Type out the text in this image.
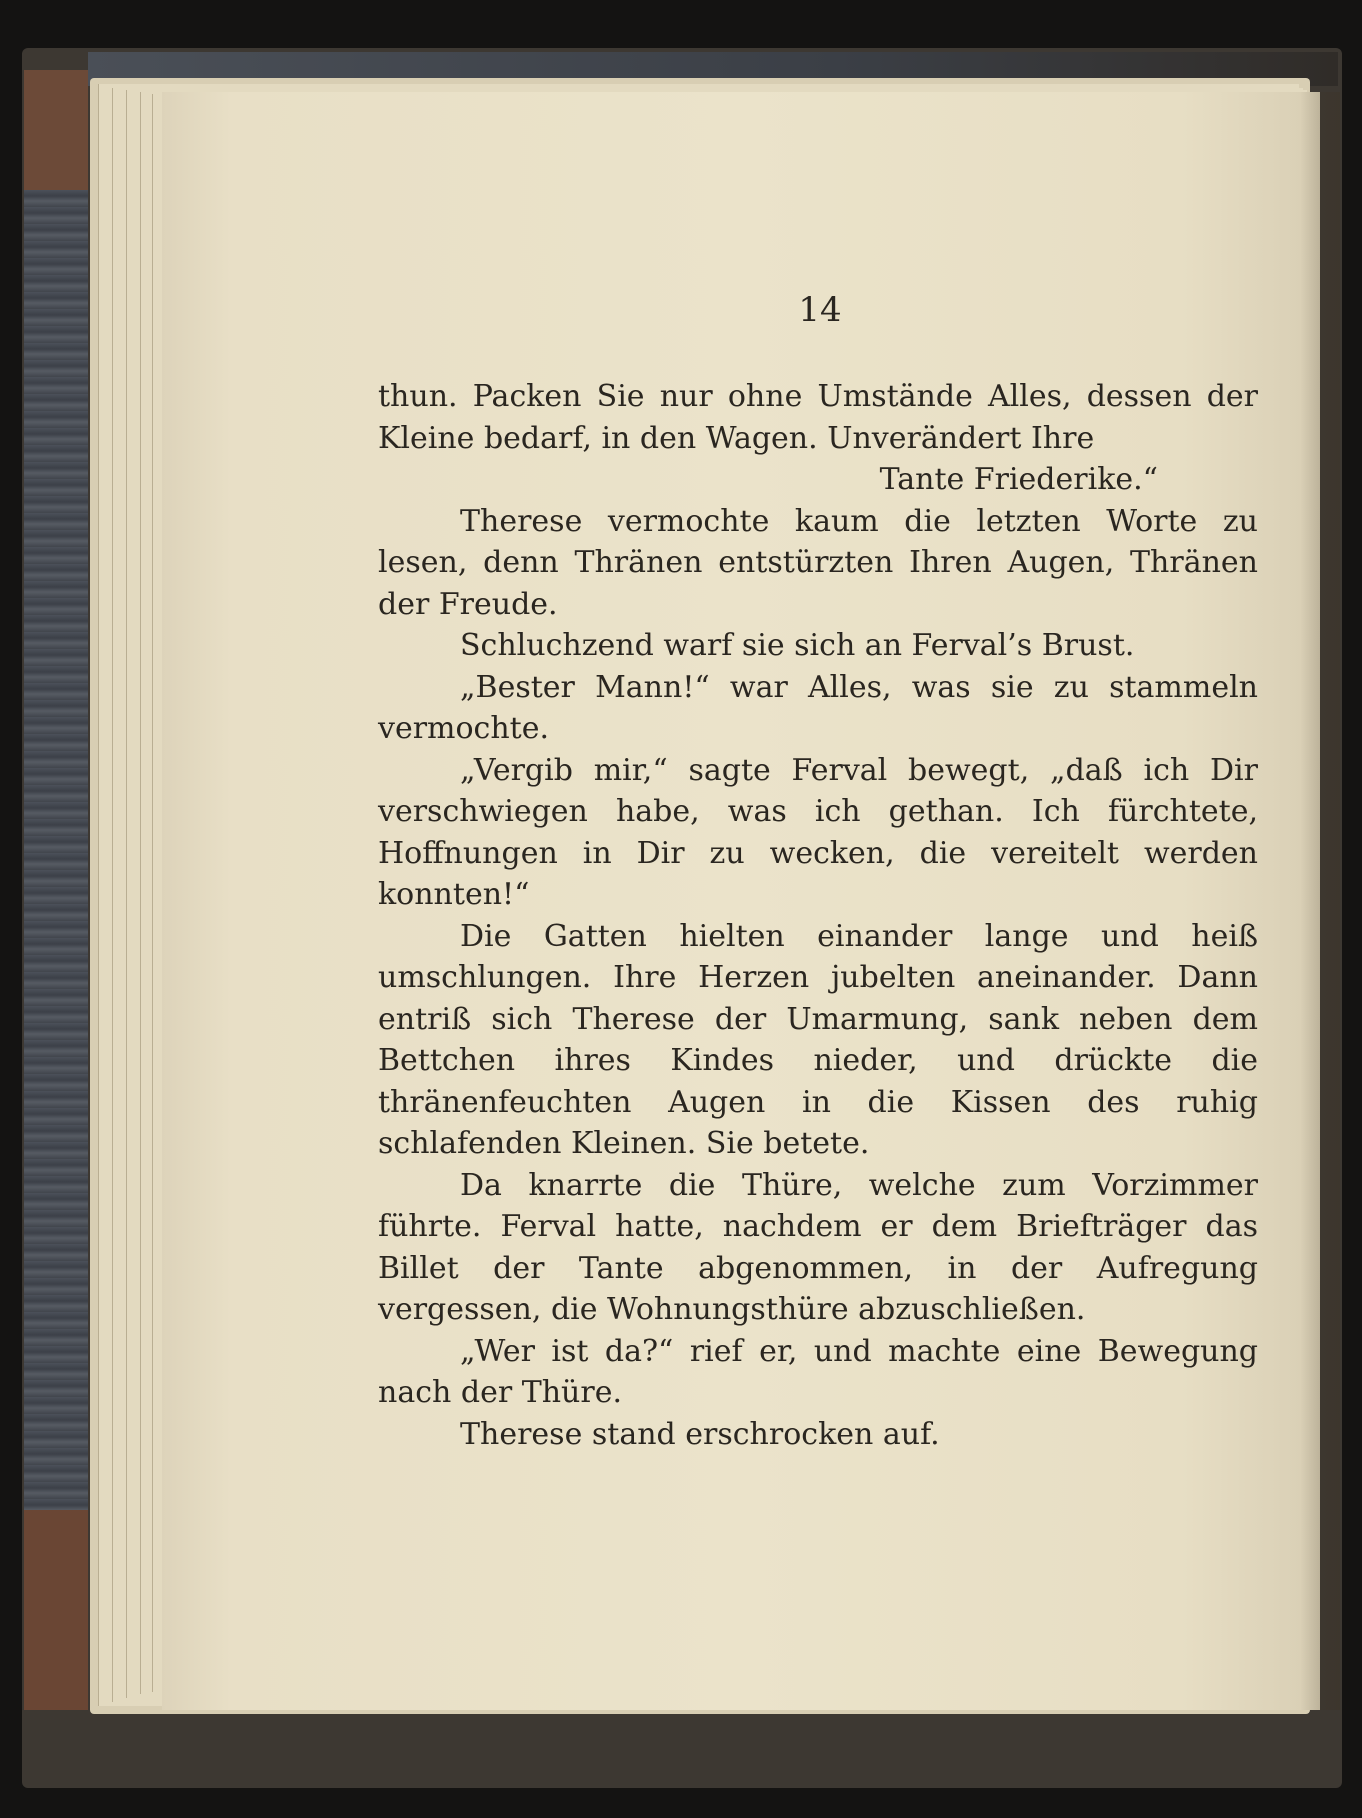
14

thun. Packen Sie nur ohne Umstände Alles, dessen der Kleine bedarf, in den Wagen. Unverändert Ihre

Tante Friederike.“

Therese vermochte kaum die letzten Worte zu lesen, denn Thränen entstürzten Ihren Augen, Thränen der Freude.

Schluchzend warf sie sich an Ferval’s Brust.

„Bester Mann!“ war Alles, was sie zu stammeln vermochte.

„Vergib mir,“ sagte Ferval bewegt, „daß ich Dir verschwiegen habe, was ich gethan. Ich fürchtete, Hoffnungen in Dir zu wecken, die vereitelt werden konnten!“

Die Gatten hielten einander lange und heiß umschlungen. Ihre Herzen jubelten aneinander. Dann entriß sich Therese der Umarmung, sank neben dem Bettchen ihres Kindes nieder, und drückte die thränenfeuchten Augen in die Kissen des ruhig schlafenden Kleinen. Sie betete.

Da knarrte die Thüre, welche zum Vorzimmer führte. Ferval hatte, nachdem er dem Briefträger das Billet der Tante abgenommen, in der Aufregung vergessen, die Wohnungsthüre abzuschließen.

„Wer ist da?“ rief er, und machte eine Bewegung nach der Thüre.

Therese stand erschrocken auf.
